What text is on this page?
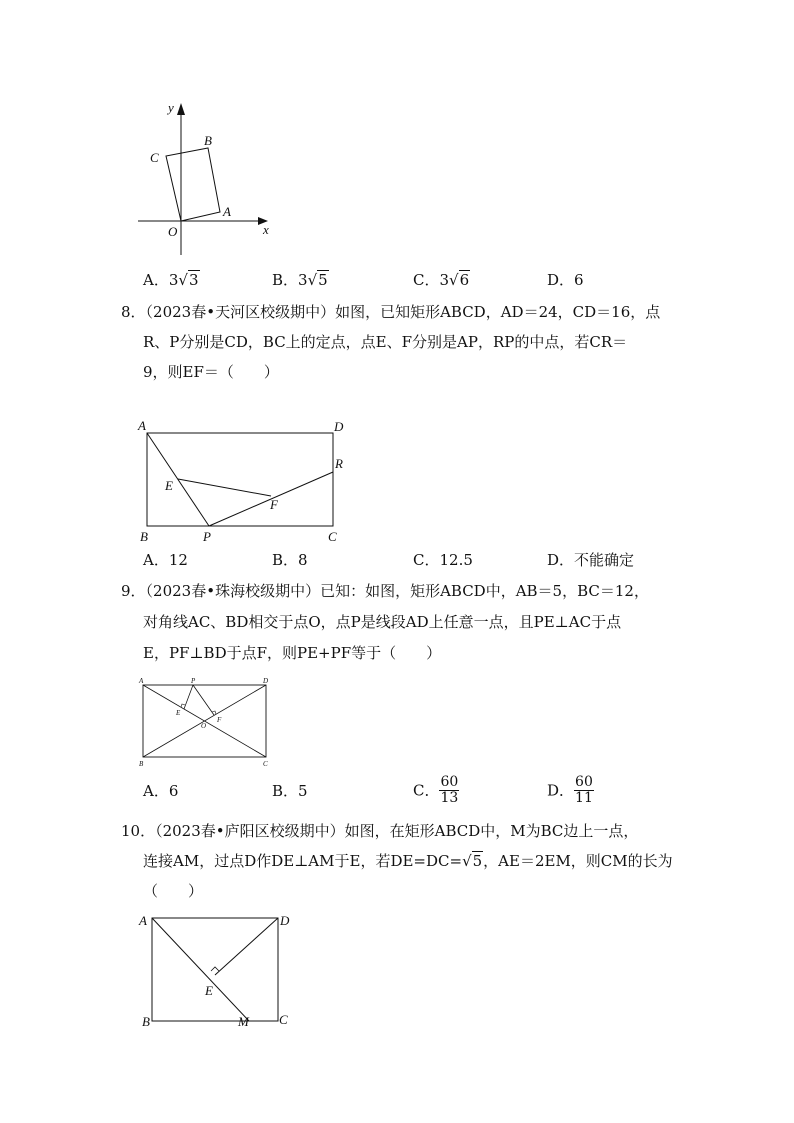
y
x
O
A
B
C
A．3√3	B．3√5	C．3√6	D．6
8．（2023春•天河区校级期中）如图，已知矩形ABCD，AD＝24，CD＝16，点
R、P分别是CD，BC上的定点，点E、F分别是AP，RP的中点，若CR＝
9，则EF＝（　　）
A	D
B	C
P
E
F
R
A．12	B．8	C．12.5	D．不能确定
9．（2023春•珠海校级期中）已知：如图，矩形ABCD中，AB＝5，BC＝12，
对角线AC、BD相交于点O，点P是线段AD上任意一点，且PE⊥AC于点
E，PF⊥BD于点F，则PE+PF等于（　　）
A	D
B	C
P
E
F
O
A．6	B．5	C． $\frac{60}{13}$	D． $\frac{60}{11}$
10．（2023春•庐阳区校级期中）如图，在矩形ABCD中，M为BC边上一点，
连接AM，过点D作DE⊥AM于E，若DE=DC=√5，AE＝2EM，则CM的长为
（　　）
A	D
B	C
E
M
